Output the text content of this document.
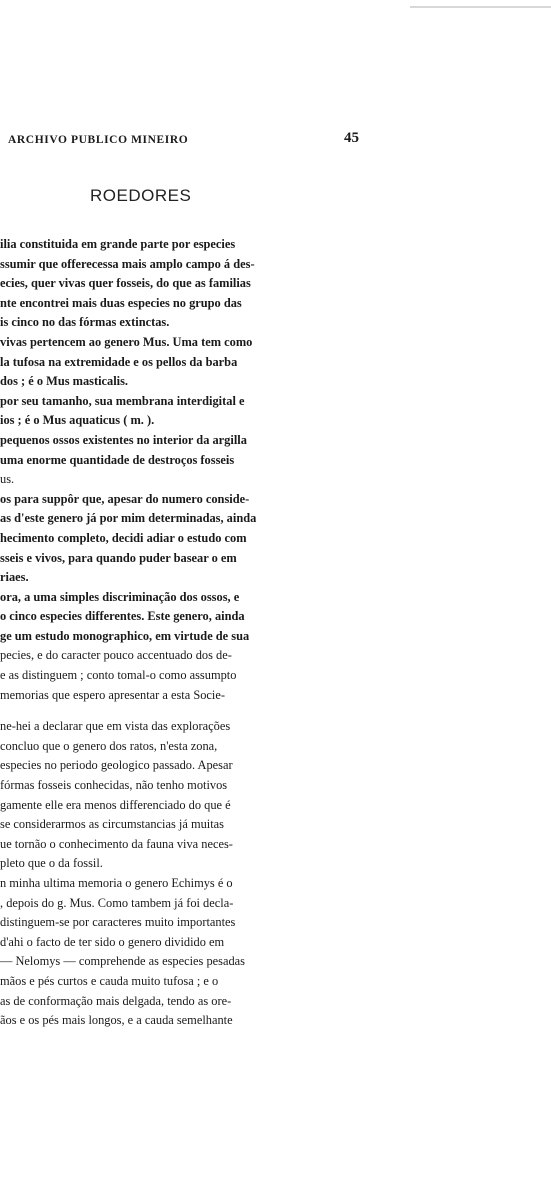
ARCHIVO PUBLICO MINEIRO	45
ROEDORES
ilia constituida em grande parte por especies
ssumir que offerecessa mais amplo campo á des-
ecies, quer vivas quer fosseis, do que as familias
nte encontrei mais duas especies no grupo das
is cinco no das fórmas extinctas.
vivas pertencem ao genero Mus. Uma tem como
la tufosa na extremidade e os pellos da barba
dos ; é o Mus masticalis.
por seu tamanho, sua membrana interdigital e
ios ; é o Mus aquaticus ( m. ).
pequenos ossos existentes no interior da argilla
uma enorme quantidade de destroços fosseis
us.
os para suppôr que, apesar do numero conside-
as d'este genero já por mim determinadas, ainda
hecimento completo, decidi adiar o estudo com
sseis e vivos, para quando puder basear o em
riaes.
ora, a uma simples discriminação dos ossos, e
o cinco especies differentes. Este genero, ainda
ge um estudo monographico, em virtude de sua
pecies, e do caracter pouco accentuado dos de-
e as distinguem ; conto tomal-o como assumpto
memorias que espero apresentar a esta Socie-
ne-hei a declarar que em vista das explorações
concluo que o genero dos ratos, n'esta zona,
especies no periodo geologico passado. Apesar
fórmas fosseis conhecidas, não tenho motivos
gamente elle era menos differenciado do que é
se considerarmos as circumstancias já muitas
ue tornão o conhecimento da fauna viva neces-
pleto que o da fossil.
n minha ultima memoria o genero Echimys é o
, depois do g. Mus. Como tambem já foi decla-
distinguem-se por caracteres muito importantes
d'ahi o facto de ter sido o genero dividido em
— Nelomys — comprehende as especies pesadas
mãos e pés curtos e cauda muito tufosa ; e o
as de conformação mais delgada, tendo as ore-
ãos e os pés mais longos, e a cauda semelhante
